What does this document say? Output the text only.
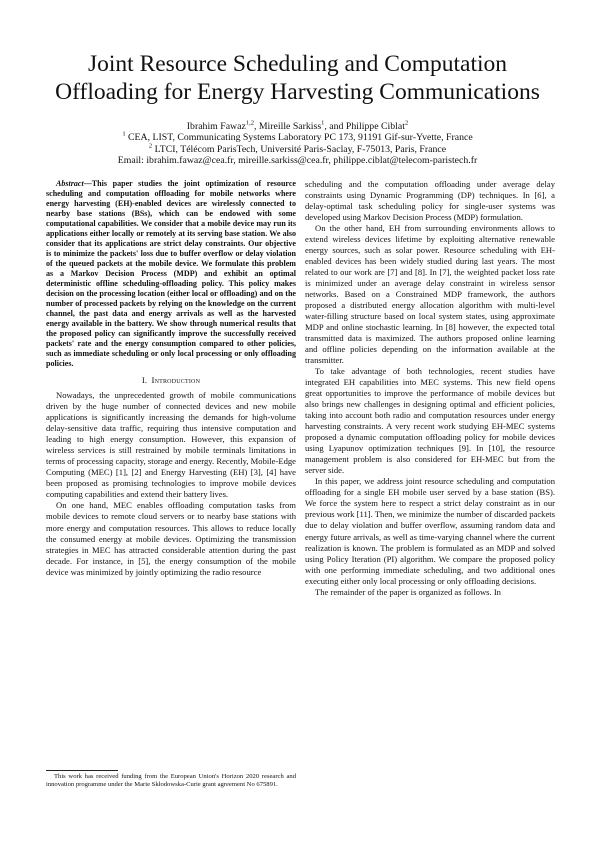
Joint Resource Scheduling and Computation
Offloading for Energy Harvesting Communications
Ibrahim Fawaz$^{1,2}$, Mireille Sarkiss$^1$, and Philippe Ciblat$^2$
$^1$ CEA, LIST, Communicating Systems Laboratory PC 173, 91191 Gif-sur-Yvette, France
$^2$ LTCI, Télécom ParisTech, Université Paris-Saclay, F-75013, Paris, France
Email: ibrahim.fawaz@cea.fr, mireille.sarkiss@cea.fr, philippe.ciblat@telecom-paristech.fr

Abstract—This paper studies the joint optimization of resource scheduling and computation offloading for mobile networks where energy harvesting (EH)-enabled devices are wirelessly connected to nearby base stations (BSs), which can be endowed with some computational capabilities. We consider that a mobile device may run its applications either locally or remotely at its serving base station. We also consider that its applications are strict delay constraints. Our objective is to minimize the packets' loss due to buffer overflow or delay violation of the queued packets at the mobile device. We formulate this problem as a Markov Decision Process (MDP) and exhibit an optimal deterministic offline scheduling-offloading policy. This policy makes decision on the processing location (either local or offloading) and on the number of processed packets by relying on the knowledge on the current channel, the past data and energy arrivals as well as the harvested energy available in the battery. We show through numerical results that the proposed policy can significantly improve the successfully received packets' rate and the energy consumption compared to other policies, such as immediate scheduling or only local processing or only offloading policies.

I. Introduction

Nowadays, the unprecedented growth of mobile communications driven by the huge number of connected devices and new mobile applications is significantly increasing the demands for high-volume delay-sensitive data traffic, requiring thus intensive computation and leading to high energy consumption. However, this expansion of wireless services is still restrained by mobile terminals limitations in terms of processing capacity, storage and energy. Recently, Mobile-Edge Computing (MEC) [1], [2] and Energy Harvesting (EH) [3], [4] have been proposed as promising technologies to improve mobile devices computing capabilities and extend their battery lives.

On one hand, MEC enables offloading computation tasks from mobile devices to remote cloud servers or to nearby base stations with more energy and computation resources. This allows to reduce locally the consumed energy at mobile devices. Optimizing the transmission strategies in MEC has attracted considerable attention during the past decade. For instance, in [5], the energy consumption of the mobile device was minimized by jointly optimizing the radio resource

scheduling and the computation offloading under average delay constraints using Dynamic Programming (DP) techniques. In [6], a delay-optimal task scheduling policy for single-user systems was developed using Markov Decision Process (MDP) formulation.

On the other hand, EH from surrounding environments allows to extend wireless devices lifetime by exploiting alternative renewable energy sources, such as solar power. Resource scheduling with EH-enabled devices has been widely studied during last years. The most related to our work are [7] and [8]. In [7], the weighted packet loss rate is minimized under an average delay constraint in wireless sensor networks. Based on a Constrained MDP framework, the authors proposed a distributed energy allocation algorithm with multi-level water-filling structure based on local system states, using approximate MDP and online stochastic learning. In [8] however, the expected total transmitted data is maximized. The authors proposed online learning and offline policies depending on the information available at the transmitter.

To take advantage of both technologies, recent studies have integrated EH capabilities into MEC systems. This new field opens great opportunities to improve the performance of mobile devices but also brings new challenges in designing optimal and efficient policies, taking into account both radio and computation resources under energy harvesting constraints. A very recent work studying EH-MEC systems proposed a dynamic computation offloading policy for mobile devices using Lyapunov optimization techniques [9]. In [10], the resource management problem is also considered for EH-MEC but from the server side.

In this paper, we address joint resource scheduling and computation offloading for a single EH mobile user served by a base station (BS). We force the system here to respect a strict delay constraint as in our previous work [11]. Then, we minimize the number of discarded packets due to delay violation and buffer overflow, assuming random data and energy future arrivals, as well as time-varying channel where the current realization is known. The problem is formulated as an MDP and solved using Policy Iteration (PI) algorithm. We compare the proposed policy with one performing immediate scheduling, and two additional ones executing either only local processing or only offloading decisions.

The remainder of the paper is organized as follows. In

This work has received funding from the European Union's Horizon 2020 research and innovation programme under the Marie Skłodowska-Curie grant agreement No 675891.
